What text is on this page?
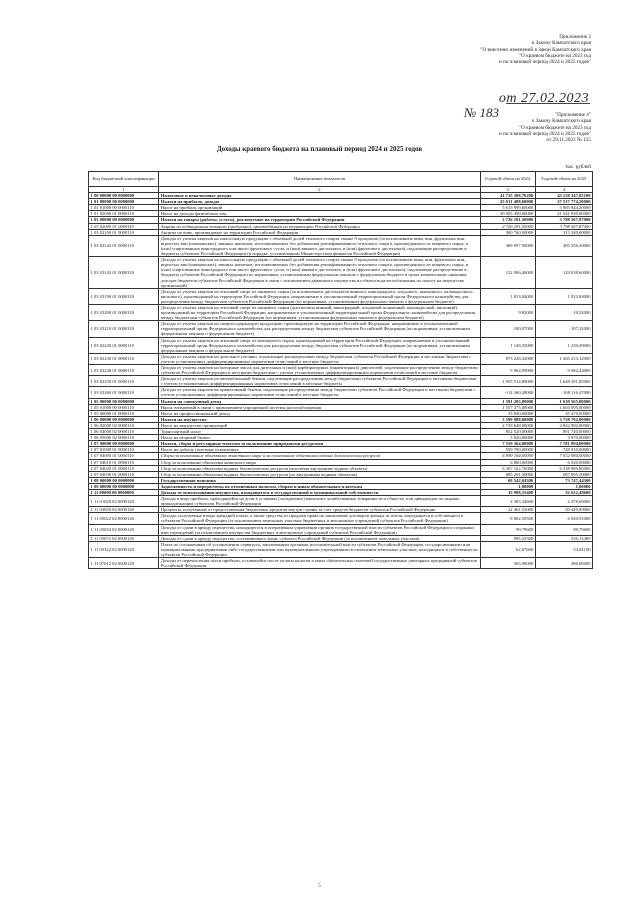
Приложение 2
к Закону Камчатского края
"О внесении изменений в Закон Камчатского края
"О краевом бюджете на 2023 год
и на плановый период 2024 и 2025 годов"
от 27.02.2023
№ 183	"Приложение 4"
к Закону Камчатского края
"О краевом бюджете на 2023 год
и на плановый период 2024 и 2025 годов"
от 29.11.2022 № 155
Доходы краевого бюджета на плановый период 2024 и 2025 годов
тыс. рублей
Код бюджетной классификации	Наименование показателя	Годовой объем на 2024	Годовой объем на 2025
1	2	3	4
1 00 00000 00 0000000	Налоговые и неналоговые доходы	41 735 308,76200	45 128 347,85100
1 01 00000 00 0000000	Налоги на прибыль, доходы	25 631 498,60000	27 537 774,20000
1 01 01000 00 0000110	Налог на прибыль организаций	5 615 999,60000	5 985 844,20000
1 01 02000 01 0000110	Налог на доходы физических лиц	20 005 499,00000	21 541 930,00000
1 03 00000 00 0000000	Налоги на товары (работы, услуги), реализуемые на территории Российской Федерации	2 726 181,50000	3 798 567,87000
1 03 02000 01 0000110	Акцизы по подакцизным товарам (продукции), производимым на территории Российской Федерации	2 726 181,50000	3 798 567,87000
1 03 02100 01 0000110	Акцизы на пиво, производимое на территории Российской Федерации	300 760,00000	315 340,00000
1 03 02142 01 0000110	Доходы от уплаты акцизов на алкогольную продукцию с объемной долей этилового спирта свыше 9 процентов (за исключением пива, вин, фруктовых вин, игристых вин (шампанских), винных напитков, изготавливаемых без добавления ректификованного этилового спирта, произведенного из пищевого сырья, и (или) спиртованных виноградного или иного фруктового сусла, и (или) винного дистиллята, и (или) фруктового дистиллята), подлежащие распределению в бюджеты субъектов Российской Федерации (в порядке, установленном Министерством финансов Российской Федерации)	469 097,90000	495 556,30000
1 03 02143 01 0000110	Доходы от уплаты акцизов на алкогольную продукцию с объемной долей этилового спирта свыше 9 процентов (за исключением пива, вин, фруктовых вин, игристых вин (шампанских), винных напитков, изготавливаемых без добавления ректификованного этилового спирта, произведенного из пищевого сырья, и (или) спиртованных виноградного или иного фруктового сусла, и (или) винного дистиллята, и (или) фруктового дистиллята), подлежащие распределению в бюджеты субъектов Российской Федерации (по нормативам, установленным федеральным законом о федеральном бюджете в целях компенсации снижения доходов бюджетов субъектов Российской Федерации в связи с исключением движимого имущества из объектов налогообложения по налогу на имущество организаций)	122 906,40000	129 838,60000
1 03 02190 01 0000110	Доходы от уплаты акцизов на этиловый спирт из пищевого сырья (за исключением дистиллятов винного, виноградного, плодового, коньячного, кальвадосного, вискового), производимый на территории Российской Федерации, направляемые в уполномоченный территориальный орган Федерального казначейства для распределения между бюджетами субъектов Российской Федерации (по нормативам, установленным федеральным законом о федеральном бюджете)	1 813,04000	1 913,84000
1 03 02200 01 0000110	Доходы от уплаты акцизов на этиловый спирт из пищевого сырья (дистилляты винный, виноградный, плодовый, коньячный, кальвадосный, висковый), производимый на территории Российской Федерации, направляемые в уполномоченный территориальный орган Федерального казначейства для распределения между бюджетами субъектов Российской Федерации (по нормативам, установленным федеральным законом о федеральном бюджете)	9,82000	10,52000
1 03 02210 01 0000110	Доходы от уплаты акцизов на спиртосодержащую продукцию, производимую на территории Российской Федерации, направляемые в уполномоченный территориальный орган Федерального казначейства для распределения между бюджетами субъектов Российской Федерации (по нормативам, установленным федеральным законом о федеральном бюджете)	100,07000	107,22000
1 03 02220 01 0000110	Доходы от уплаты акцизов на этиловый спирт из непищевого сырья, производимый на территории Российской Федерации, направляемые в уполномоченный территориальный орган Федерального казначейства для распределения между бюджетами субъектов Российской Федерации (по нормативам, установленным федеральным законом о федеральном бюджете)	1 148,35000	1 230,49000
1 03 02230 01 0000110	Доходы от уплаты акцизов на дизельное топливо, подлежащие распределению между бюджетами субъектов Российской Федерации и местными бюджетами с учетом установленных дифференцированных нормативов отчислений в местные бюджеты	873 226,32000	1 365 213,12000
1 03 02240 01 0000110	Доходы от уплаты акцизов на моторные масла для дизельных и (или) карбюраторных (инжекторных) двигателей, подлежащие распределению между бюджетами субъектов Российской Федерации и местными бюджетами с учетом установленных дифференцированных нормативов отчислений в местные бюджеты	5 964,99000	9 082,44000
1 03 02250 01 0000110	Доходы от уплаты акцизов на автомобильный бензин, подлежащие распределению между бюджетами субъектов Российской Федерации и местными бюджетами с учетом установленных дифференцированных нормативов отчислений в местные бюджеты	1 055 514,89000	1 648 391,85000
1 03 02260 01 0000110	Доходы от уплаты акцизов на прямогонный бензин, подлежащие распределению между бюджетами субъектов Российской Федерации и местными бюджетами с учетом установленных дифференцированных нормативов отчислений в местные бюджеты	-114 360,28000	-168 116,47000
1 05 00000 00 0000000	Налоги на совокупный доход	1 591 205,00000	1 639 565,00000
1 05 01000 00 0000110	Налог, взимаемый в связи с применением упрощенной системы налогообложения	1 557 375,00000	1 604 095,00000
1 05 06000 01 0000110	Налог на профессиональный доход	33 830,00000	35 470,00000
1 06 00000 00 0000000	Налоги на имущество	3 589 988,00000	3 738 792,00000
1 06 02000 02 0000110	Налог на имущество организаций	2 733 648,00000	2 842 992,00000
1 06 04000 02 0000110	Транспортный налог	852 520,00000	891 740,00000
1 06 05000 02 0000110	Налог на игорный бизнес	3 820,00000	3 970,00000
1 07 00000 00 0000000	Налоги, сборы и регулярные платежи за пользование природными ресурсами	7 559 364,00000	7 781 894,00000
1 07 01000 01 0000110	Налог на добычу полезных ископаемых	559 700,00000	748 910,00000
1 07 04000 01 0000110	Сборы за пользование объектами животного мира и за пользование объектами водных биологических ресурсов	6 999 164,00000	7 032 984,00000
1 07 04010 01 0000110	Сбор за пользование объектами животного мира	6 800,00000	6 920,00000
1 07 04020 01 0000110	Сбор за пользование объектами водных биологических ресурсов (исключая внутренние водные объекты)	6 307 162,70000	6 338 969,80000
1 07 04030 01 0000110	Сбор за пользование объектами водных биологических ресурсов (по внутренним водным объектам)	685 201,30000	687 095,20000
1 08 00000 00 0000000	Государственная пошлина	68 542,04300	73 747,44300
1 09 00000 00 0000000	Задолженность и перерасчеты по отмененным налогам, сборам и иным обязательным платежам	1,00000	1,00000
1 11 00000 00 0000000	Доходы от использования имущества, находящегося в государственной и муниципальной собственности	35 998,55400	32 622,48600
1 11 01020 02 0000120	Доходы в виде прибыли, приходящейся на доли в уставных (складочных) капиталах хозяйственных товариществ и обществ, или дивидендов по акциям, принадлежащим субъектам Российской Федерации	2 383,34600	2 478,68000
1 11 03020 02 0000120	Проценты, полученные от предоставления бюджетных кредитов внутри страны за счет средств бюджетов субъектов Российской Федерации	22 461,52000	20 449,89000
1 11 05022 02 0000120	Доходы, получаемые в виде арендной платы, а также средства от продажи права на заключение договоров аренды за земли, находящиеся в собственности субъектов Российской Федерации (за исключением земельных участков бюджетных и автономных учреждений субъектов Российской Федерации)	8 002,50500	6 940,91000
1 11 05032 02 0000120	Доходы от сдачи в аренду имущества, находящегося в оперативном управлении органов государственной власти субъектов Российской Федерации и созданных ими учреждений (за исключением имущества бюджетных и автономных учреждений субъектов Российской Федерации)	99,79600	99,79600
1 11 05072 02 0000120	Доходы от сдачи в аренду имущества, составляющего казну субъекта Российской Федерации (за исключением земельных участков)	995,33300	526,13400
1 11 05322 02 0000120	Плата по соглашениям об установлении сервитута, заключенным органами исполнительной власти субъектов Российской Федерации, государственными или муниципальными предприятиями либо государственными или муниципальными учреждениями в отношении земельных участков, находящихся в собственности субъектов Российской Федерации	62,67600	54,04100
1 11 07012 02 0000120	Доходы от перечисления части прибыли, остающейся после уплаты налогов и иных обязательных платежей государственных унитарных предприятий субъектов Российской Федерации	365,00000	380,00000
5
